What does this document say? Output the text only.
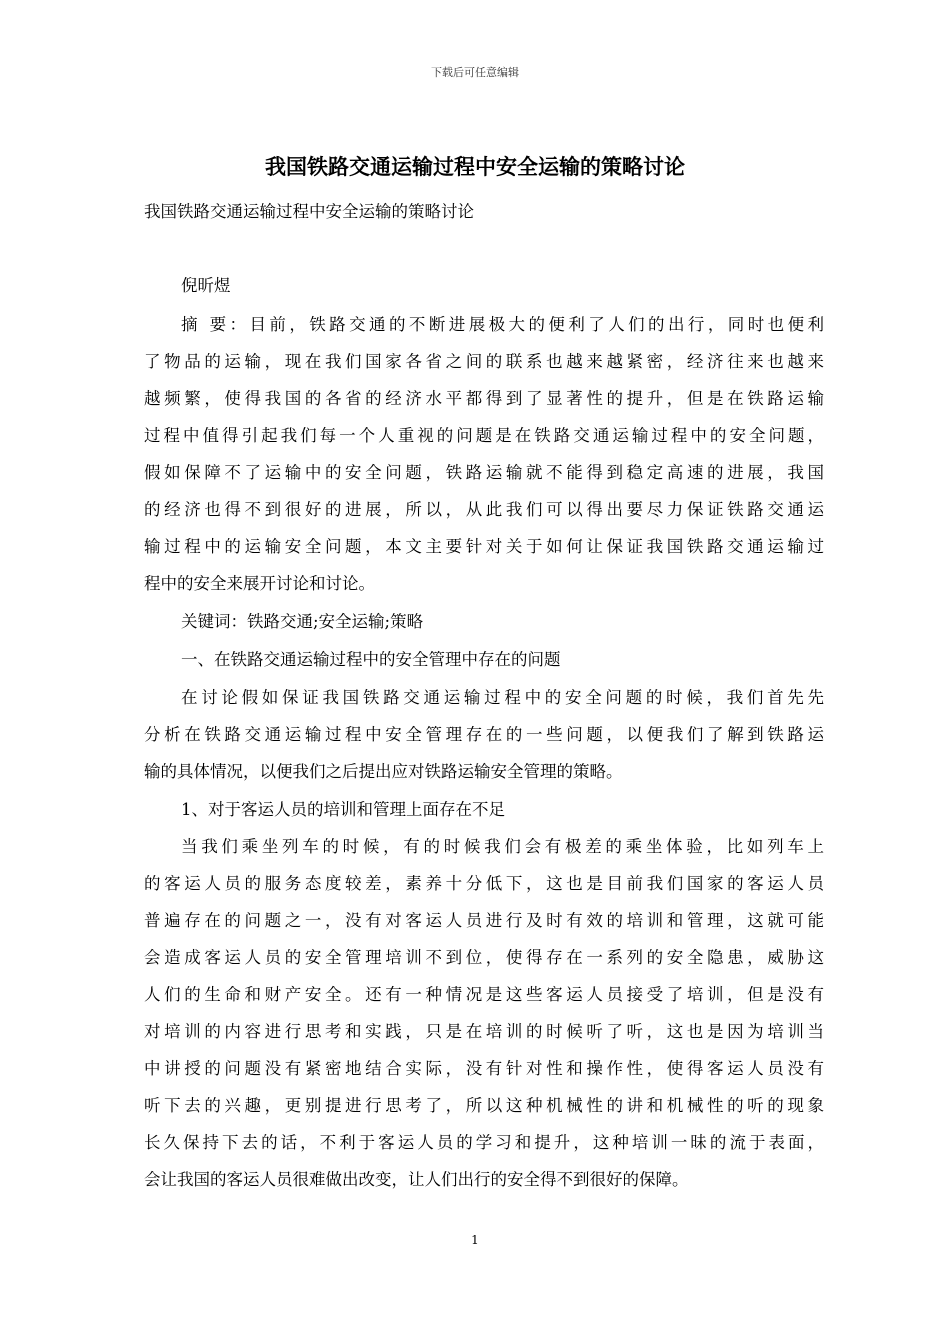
下载后可任意编辑
我国铁路交通运输过程中安全运输的策略讨论
我国铁路交通运输过程中安全运输的策略讨论
倪昕煜
摘 要：目前，铁路交通的不断进展极大的便利了人们的出行，同时也便利
了物品的运输，现在我们国家各省之间的联系也越来越紧密，经济往来也越来
越频繁，使得我国的各省的经济水平都得到了显著性的提升，但是在铁路运输
过程中值得引起我们每一个人重视的问题是在铁路交通运输过程中的安全问题，
假如保障不了运输中的安全问题，铁路运输就不能得到稳定高速的进展，我国
的经济也得不到很好的进展，所以，从此我们可以得出要尽力保证铁路交通运
输过程中的运输安全问题，本文主要针对关于如何让保证我国铁路交通运输过
程中的安全来展开讨论和讨论。
关键词：铁路交通;安全运输;策略
一、在铁路交通运输过程中的安全管理中存在的问题
在讨论假如保证我国铁路交通运输过程中的安全问题的时候，我们首先先
分析在铁路交通运输过程中安全管理存在的一些问题，以便我们了解到铁路运
输的具体情况，以便我们之后提出应对铁路运输安全管理的策略。
1、对于客运人员的培训和管理上面存在不足
当我们乘坐列车的时候，有的时候我们会有极差的乘坐体验，比如列车上
的客运人员的服务态度较差，素养十分低下，这也是目前我们国家的客运人员
普遍存在的问题之一，没有对客运人员进行及时有效的培训和管理，这就可能
会造成客运人员的安全管理培训不到位，使得存在一系列的安全隐患，威胁这
人们的生命和财产安全。还有一种情况是这些客运人员接受了培训，但是没有
对培训的内容进行思考和实践，只是在培训的时候听了听，这也是因为培训当
中讲授的问题没有紧密地结合实际，没有针对性和操作性，使得客运人员没有
听下去的兴趣，更别提进行思考了，所以这种机械性的讲和机械性的听的现象
长久保持下去的话，不利于客运人员的学习和提升，这种培训一昧的流于表面，
会让我国的客运人员很难做出改变，让人们出行的安全得不到很好的保障。
1
